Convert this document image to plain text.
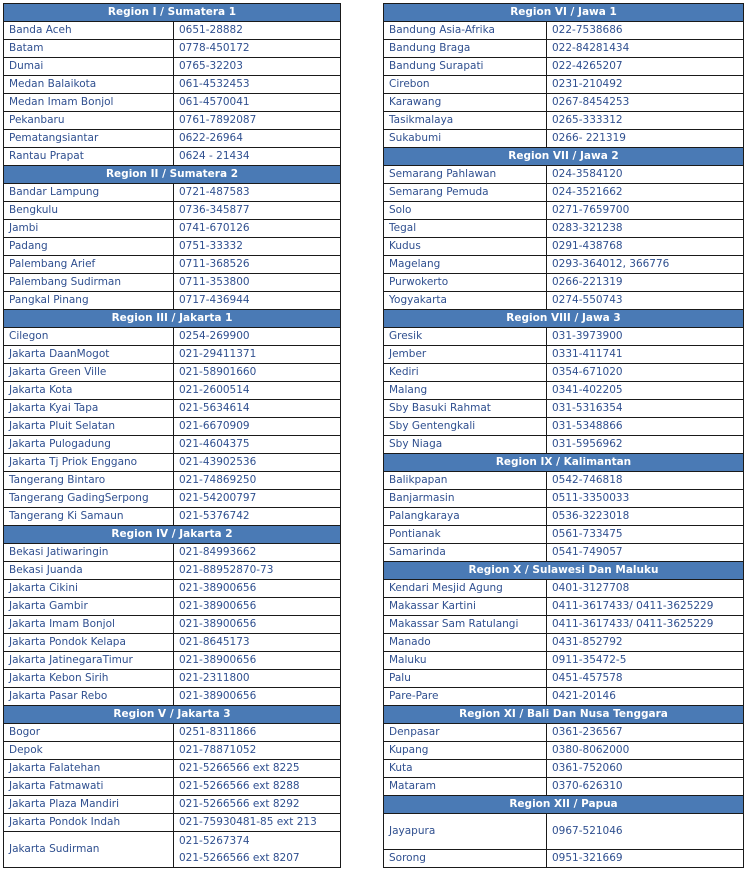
Region I / Sumatera 1	
Banda Aceh	0651-28882
Batam	0778-450172
Dumai	0765-32203
Medan Balaikota	061-4532453
Medan Imam Bonjol	061-4570041
Pekanbaru	0761-7892087
Pematangsiantar	0622-26964
Rantau Prapat	0624 - 21434
Region II / Sumatera 2	
Bandar Lampung	0721-487583
Bengkulu	0736-345877
Jambi	0741-670126
Padang	0751-33332
Palembang Arief	0711-368526
Palembang Sudirman	0711-353800
Pangkal Pinang	0717-436944
Region III / Jakarta 1	
Cilegon	0254-269900
Jakarta DaanMogot	021-29411371
Jakarta Green Ville	021-58901660
Jakarta Kota	021-2600514
Jakarta Kyai Tapa	021-5634614
Jakarta Pluit Selatan	021-6670909
Jakarta Pulogadung	021-4604375
Jakarta Tj Priok Enggano	021-43902536
Tangerang Bintaro	021-74869250
Tangerang GadingSerpong	021-54200797
Tangerang Ki Samaun	021-5376742
Region IV / Jakarta 2	
Bekasi Jatiwaringin	021-84993662
Bekasi Juanda	021-88952870-73
Jakarta Cikini	021-38900656
Jakarta Gambir	021-38900656
Jakarta Imam Bonjol	021-38900656
Jakarta Pondok Kelapa	021-8645173
Jakarta JatinegaraTimur	021-38900656
Jakarta Kebon Sirih	021-2311800
Jakarta Pasar Rebo	021-38900656
Region V / Jakarta 3	
Bogor	0251-8311866
Depok	021-78871052
Jakarta Falatehan	021-5266566 ext 8225
Jakarta Fatmawati	021-5266566 ext 8288
Jakarta Plaza Mandiri	021-5266566 ext 8292
Jakarta Pondok Indah	021-75930481-85 ext 213
Jakarta Sudirman	021-5267374
021-5266566 ext 8207
Region VI / Jawa 1	
Bandung Asia-Afrika	022-7538686
Bandung Braga	022-84281434
Bandung Surapati	022-4265207
Cirebon	0231-210492
Karawang	0267-8454253
Tasikmalaya	0265-333312
Sukabumi	0266- 221319
Region VII / Jawa 2	
Semarang Pahlawan	024-3584120
Semarang Pemuda	024-3521662
Solo	0271-7659700
Tegal	0283-321238
Kudus	0291-438768
Magelang	0293-364012, 366776
Purwokerto	0266-221319
Yogyakarta	0274-550743
Region VIII / Jawa 3	
Gresik	031-3973900
Jember	0331-411741
Kediri	0354-671020
Malang	0341-402205
Sby Basuki Rahmat	031-5316354
Sby Gentengkali	031-5348866
Sby Niaga	031-5956962
Region IX / Kalimantan	
Balikpapan	0542-746818
Banjarmasin	0511-3350033
Palangkaraya	0536-3223018
Pontianak	0561-733475
Samarinda	0541-749057
Region X / Sulawesi Dan Maluku	
Kendari Mesjid Agung	0401-3127708
Makassar Kartini	0411-3617433/ 0411-3625229
Makassar Sam Ratulangi	0411-3617433/ 0411-3625229
Manado	0431-852792
Maluku	0911-35472-5
Palu	0451-457578
Pare-Pare	0421-20146
Region XI / Bali Dan Nusa Tenggara	
Denpasar	0361-236567
Kupang	0380-8062000
Kuta	0361-752060
Mataram	0370-626310
Region XII / Papua	
Jayapura	0967-521046
Sorong	0951-321669
